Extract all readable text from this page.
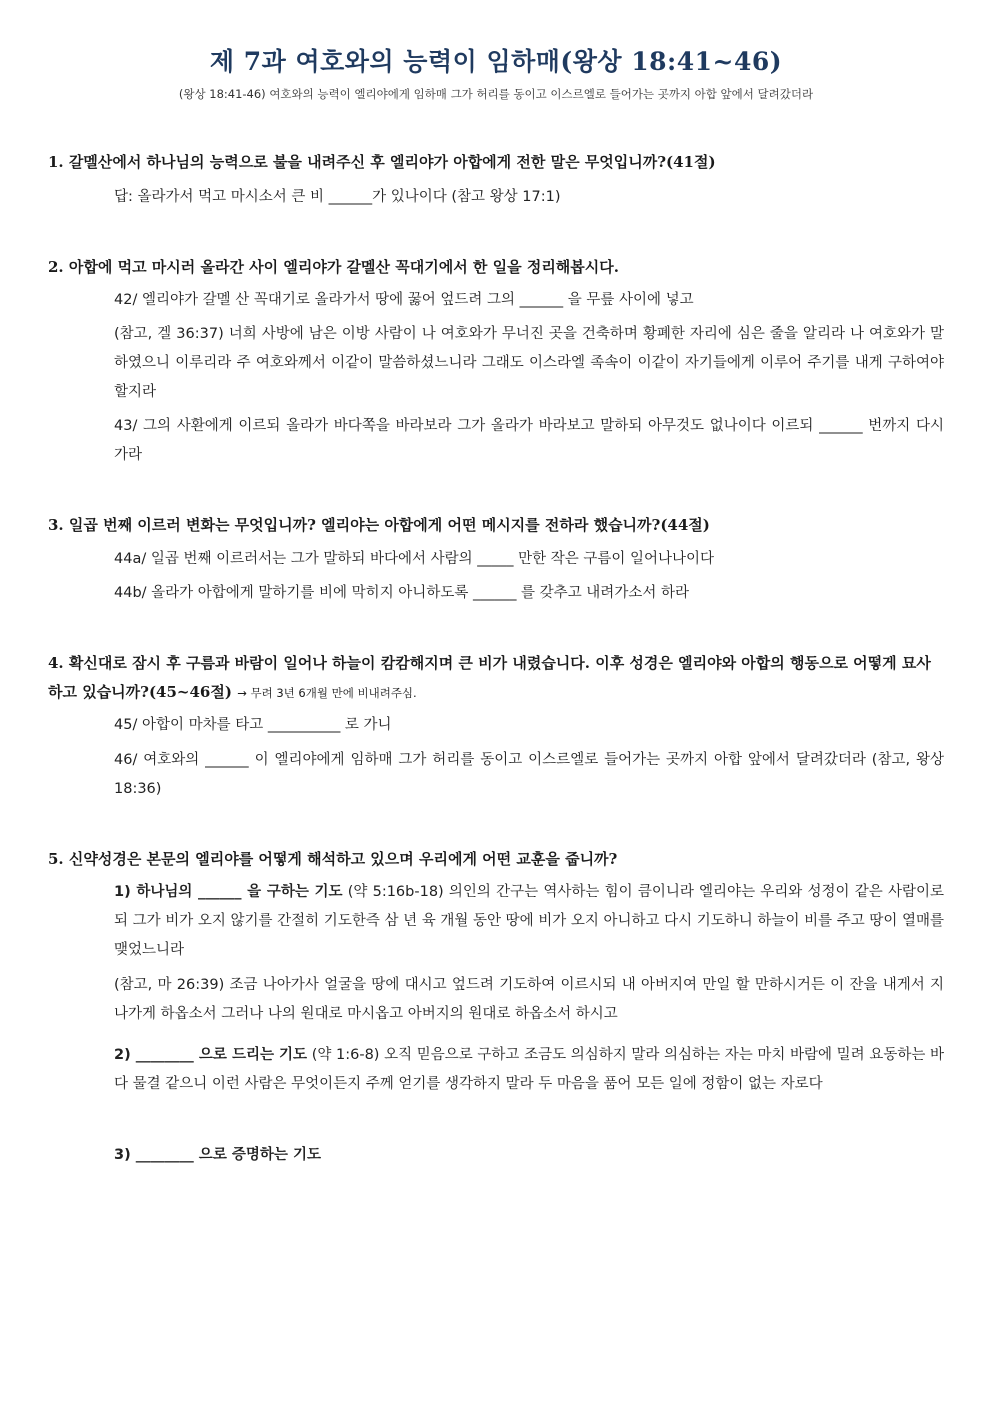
제 7과 여호와의 능력이 임하매(왕상 18:41~46)
(왕상 18:41-46) 여호와의 능력이 엘리야에게 임하매 그가 허리를 동이고 이스르엘로 들어가는 곳까지 아합 앞에서 달려갔더라
1. 갈멜산에서 하나님의 능력으로 불을 내려주신 후 엘리야가 아합에게 전한 말은 무엇입니까?(41절)
답: 올라가서 먹고 마시소서 큰 비 ______가 있나이다 (참고 왕상 17:1)
2. 아합에 먹고 마시러 올라간 사이 엘리야가 갈멜산 꼭대기에서 한 일을 정리해봅시다.
42/ 엘리야가 갈멜 산 꼭대기로 올라가서 땅에 꿇어 엎드려 그의 ______ 을 무릎 사이에 넣고
(참고, 겔 36:37) 너희 사방에 남은 이방 사람이 나 여호와가 무너진 곳을 건축하며 황폐한 자리에 심은 줄을 알리라 나 여호와가 말하였으니 이루리라 주 여호와께서 이같이 말씀하셨느니라 그래도 이스라엘 족속이 이같이 자기들에게 이루어 주기를 내게 구하여야 할지라
43/ 그의 사환에게 이르되 올라가 바다쪽을 바라보라 그가 올라가 바라보고 말하되 아무것도 없나이다 이르되 ______ 번까지 다시 가라
3. 일곱 번째 이르러 변화는 무엇입니까? 엘리야는 아합에게 어떤 메시지를 전하라 했습니까?(44절)
44a/ 일곱 번째 이르러서는 그가 말하되 바다에서 사람의 _____ 만한 작은 구름이 일어나나이다
44b/ 올라가 아합에게 말하기를 비에 막히지 아니하도록 ______ 를 갖추고 내려가소서 하라
4. 확신대로 잠시 후 구름과 바람이 일어나 하늘이 캄캄해지며 큰 비가 내렸습니다. 이후 성경은 엘리야와 아합의 행동으로 어떻게 묘사하고 있습니까?(45~46절) → 무려 3년 6개월 만에 비내려주심.
45/ 아합이 마차를 타고 __________ 로 가니
46/ 여호와의 ______ 이 엘리야에게 임하매 그가 허리를 동이고 이스르엘로 들어가는 곳까지 아합 앞에서 달려갔더라 (참고, 왕상 18:36)
5. 신약성경은 본문의 엘리야를 어떻게 해석하고 있으며 우리에게 어떤 교훈을 줍니까?
1) 하나님의 ______ 을 구하는 기도 (약 5:16b-18) 의인의 간구는 역사하는 힘이 큼이니라 엘리야는 우리와 성정이 같은 사람이로되 그가 비가 오지 않기를 간절히 기도한즉 삼 년 육 개월 동안 땅에 비가 오지 아니하고 다시 기도하니 하늘이 비를 주고 땅이 열매를 맺었느니라
(참고, 마 26:39) 조금 나아가사 얼굴을 땅에 대시고 엎드려 기도하여 이르시되 내 아버지여 만일 할 만하시거든 이 잔을 내게서 지나가게 하옵소서 그러나 나의 원대로 마시옵고 아버지의 원대로 하옵소서 하시고
2) ________ 으로 드리는 기도 (약 1:6-8) 오직 믿음으로 구하고 조금도 의심하지 말라 의심하는 자는 마치 바람에 밀려 요동하는 바다 물결 같으니 이런 사람은 무엇이든지 주께 얻기를 생각하지 말라 두 마음을 품어 모든 일에 정함이 없는 자로다
3) ________ 으로 증명하는 기도
